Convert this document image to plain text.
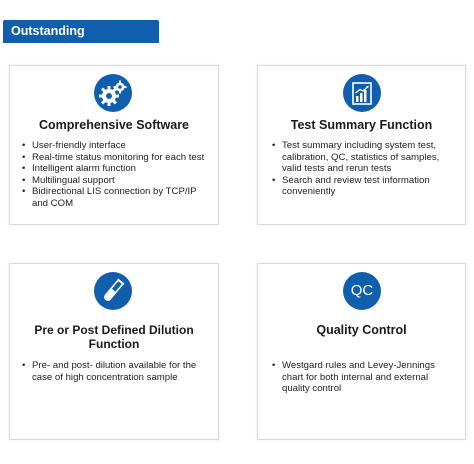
Outstanding Technologies
Comprehensive Software
• User-friendly interface
• Real-time status monitoring for each test
• Intelligent alarm function
• Multilingual support
• Bidirectional LIS connection by TCP/IP and COM
Test Summary Function
• Test summary including system test, calibration, QC, statistics of samples, valid tests and rerun tests
• Search and review test information conveniently
Pre or Post Defined Dilution Function
• Pre- and post- dilution available for the case of high concentration sample
QC
Quality Control
• Westgard rules and Levey-Jennings chart for both internal and external quality control
